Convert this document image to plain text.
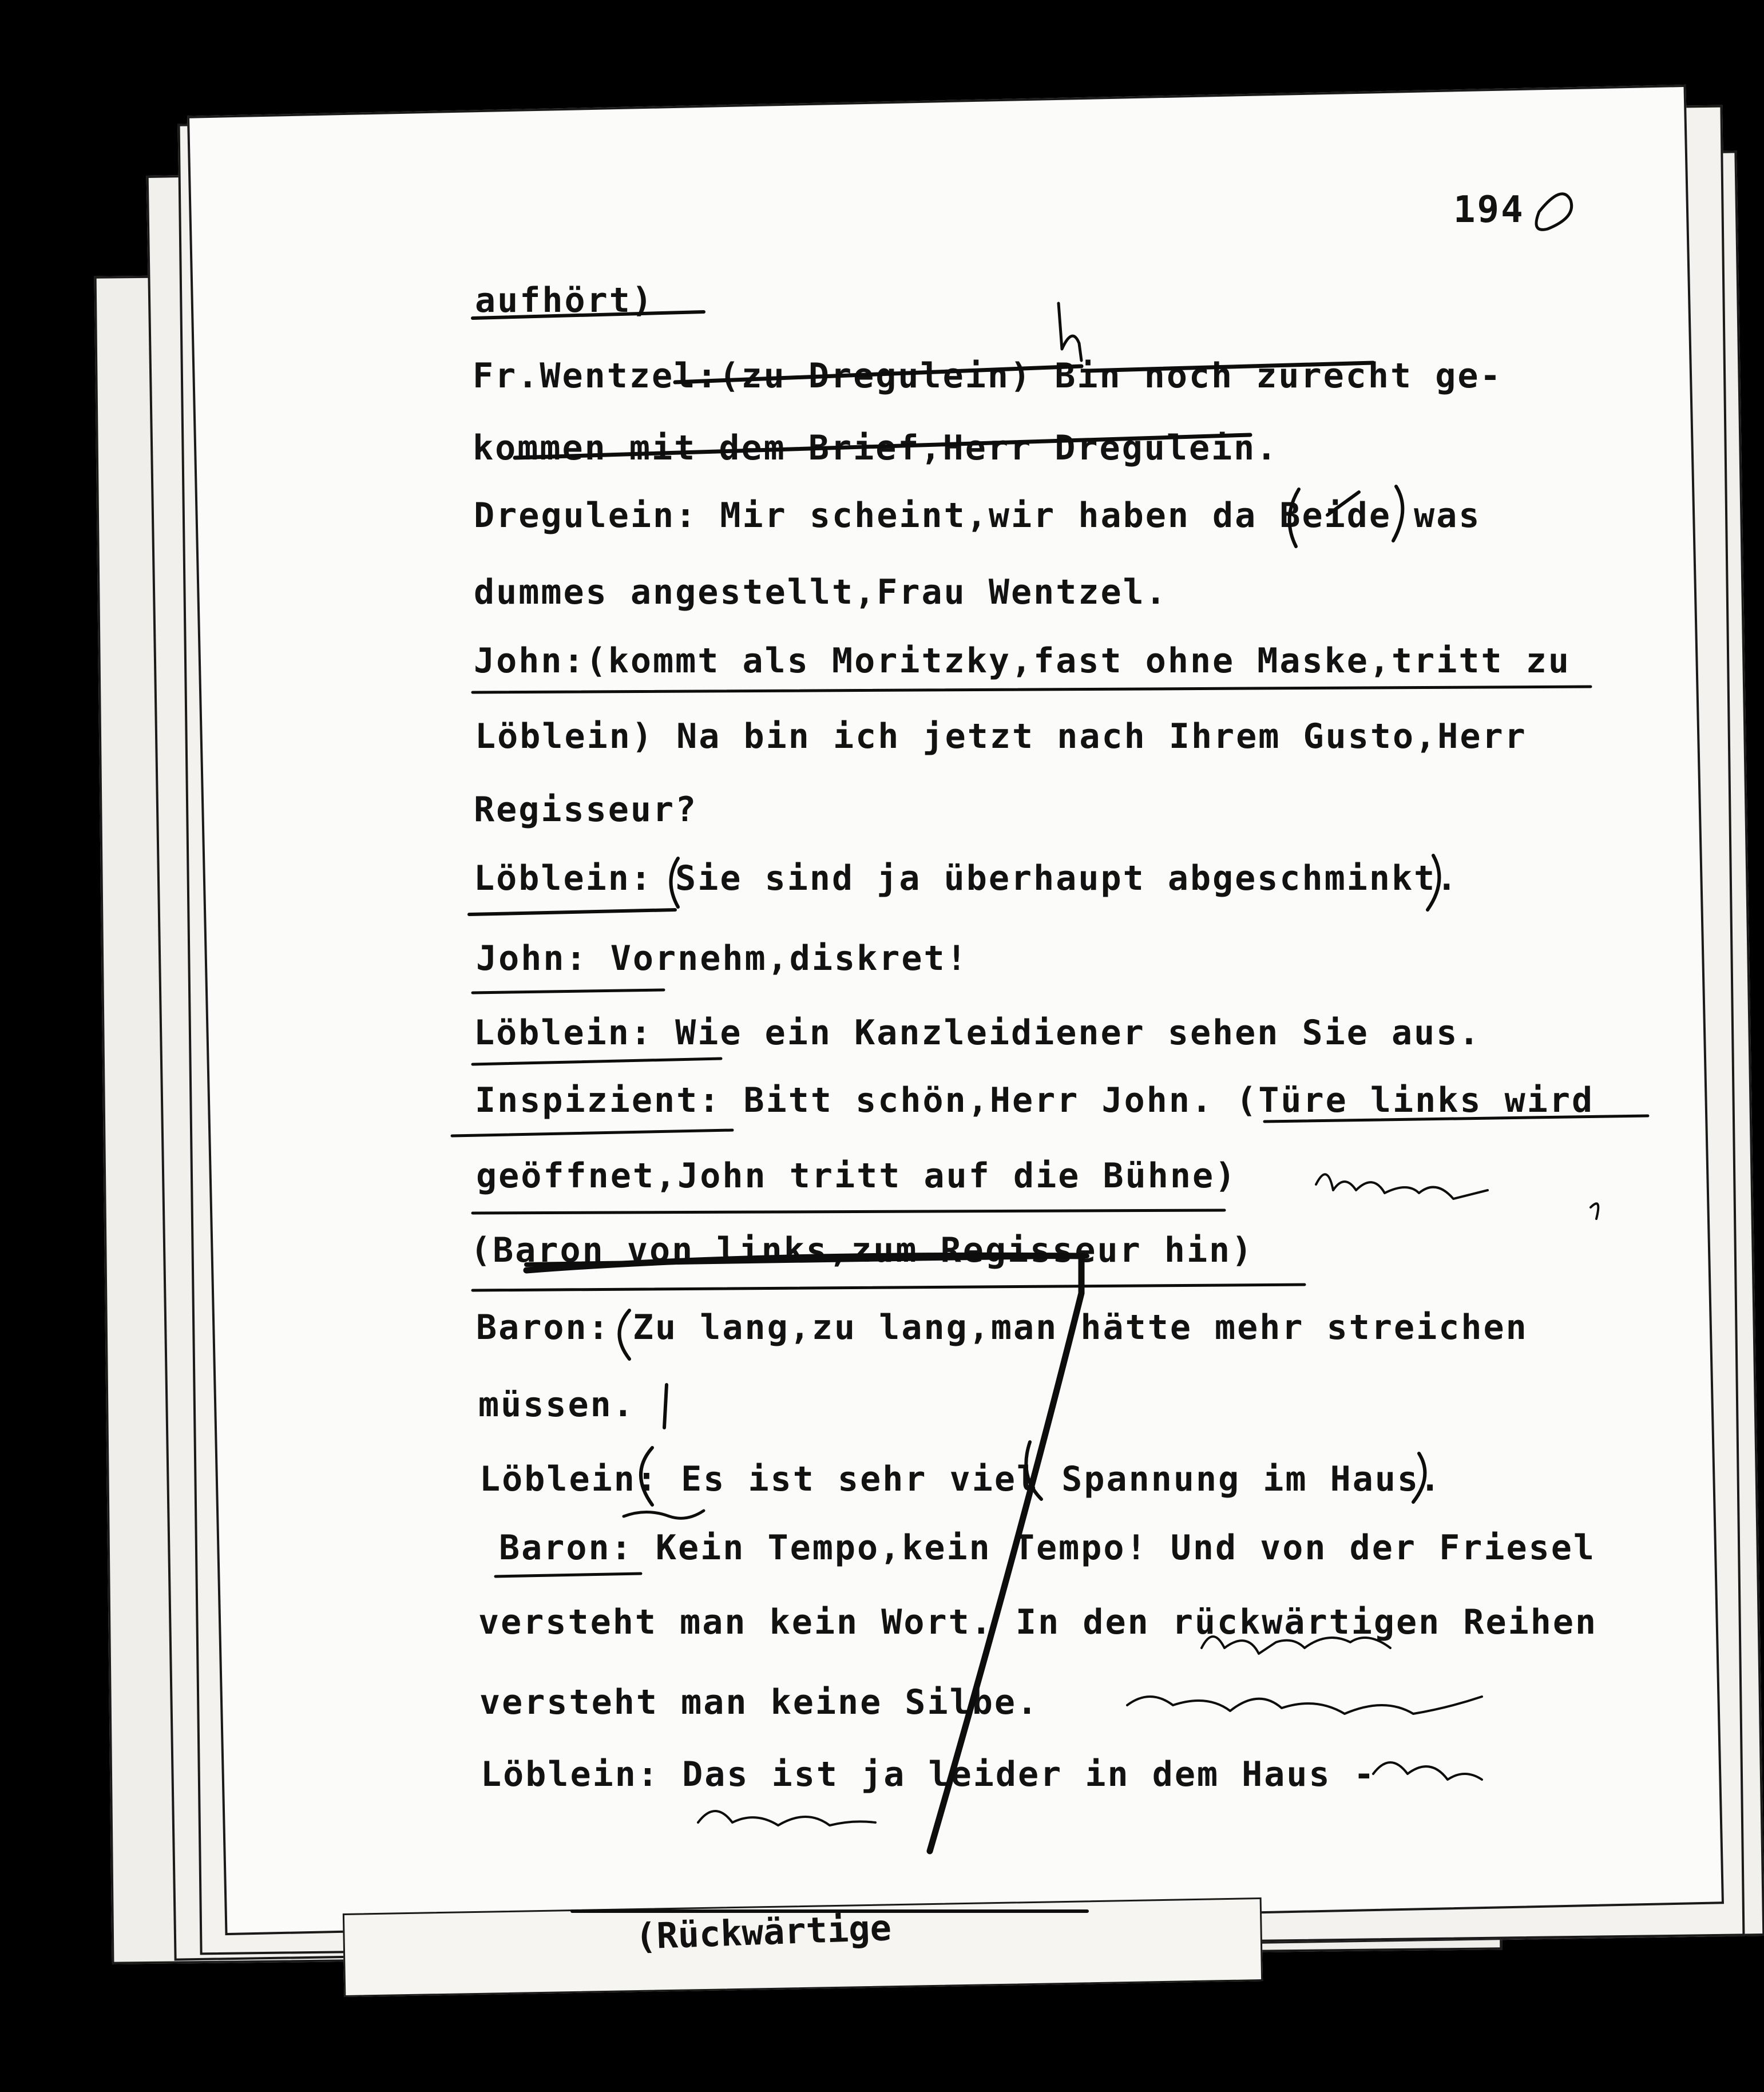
(Rückwärtige
194
aufhört)
Fr.Wentzel:(zu Dregulein) Bin noch zurecht ge-
kommen mit dem Brief,Herr Dregulein.
Dregulein: Mir scheint,wir haben da Beide was
dummes angestellt,Frau Wentzel.
John:(kommt als Moritzky,fast ohne Maske,tritt zu
Löblein) Na bin ich jetzt nach Ihrem Gusto,Herr
Regisseur?
Löblein: Sie sind ja überhaupt abgeschminkt.
John: Vornehm,diskret!
Löblein: Wie ein Kanzleidiener sehen Sie aus.
Inspizient: Bitt schön,Herr John. (Türe links wird
geöffnet,John tritt auf die Bühne)
(Baron von links,zum Regisseur hin)
Baron: Zu lang,zu lang,man hätte mehr streichen
müssen.
Löblein: Es ist sehr viel Spannung im Haus.
Baron: Kein Tempo,kein Tempo! Und von der Friesel
versteht man kein Wort. In den rückwärtigen Reihen
versteht man keine Silbe.
Löblein: Das ist ja leider in dem Haus -
